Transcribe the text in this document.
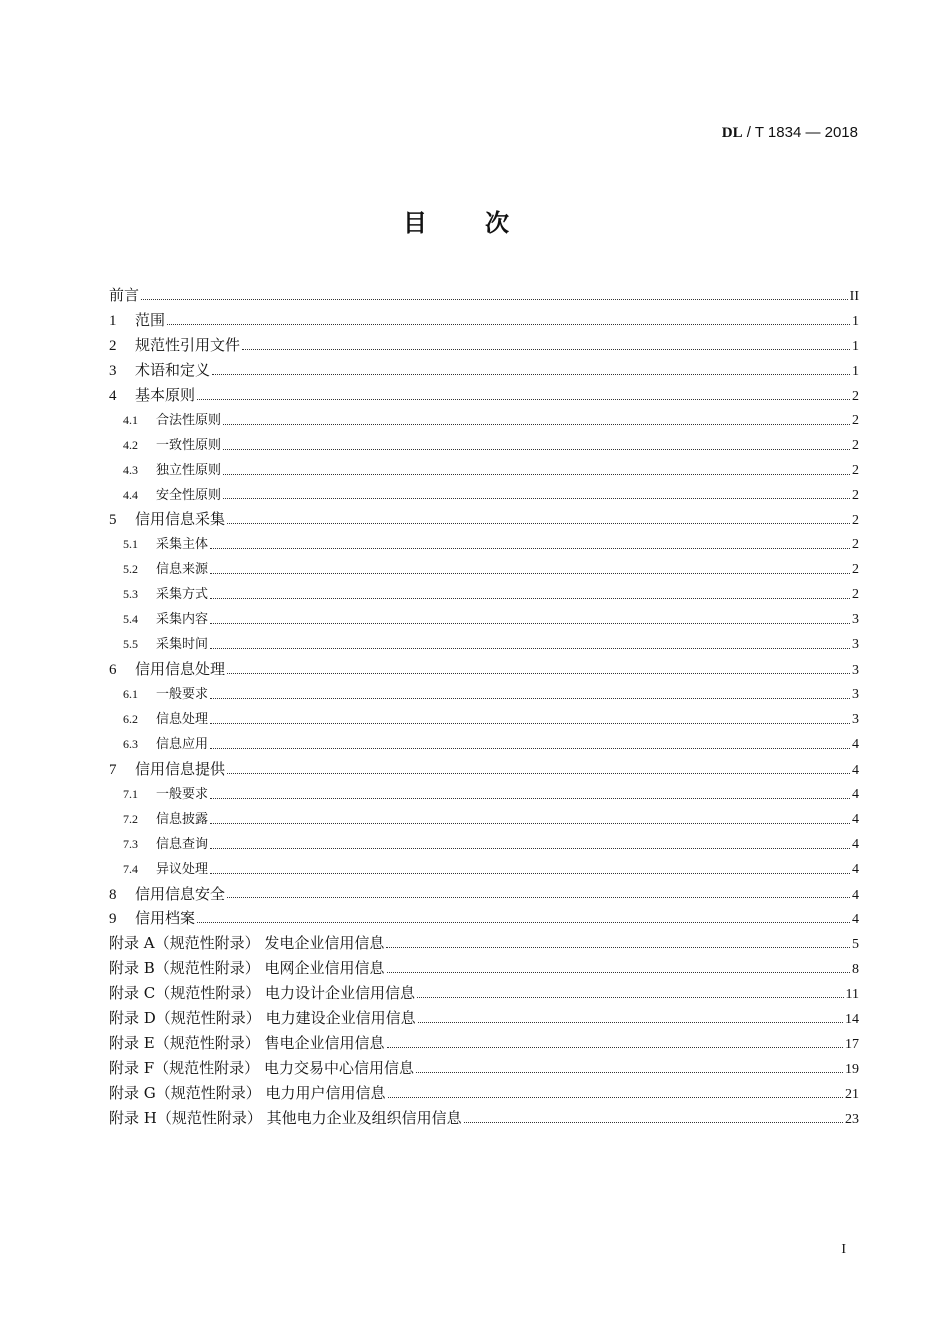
DL / T 1834 — 2018
目次
前言	II
1	范围	1
2	规范性引用文件	1
3	术语和定义	1
4	基本原则	2
4.1	合法性原则	2
4.2	一致性原则	2
4.3	独立性原则	2
4.4	安全性原则	2
5	信用信息采集	2
5.1	采集主体	2
5.2	信息来源	2
5.3	采集方式	2
5.4	采集内容	3
5.5	采集时间	3
6	信用信息处理	3
6.1	一般要求	3
6.2	信息处理	3
6.3	信息应用	4
7	信用信息提供	4
7.1	一般要求	4
7.2	信息披露	4
7.3	信息查询	4
7.4	异议处理	4
8	信用信息安全	4
9	信用档案	4
附录 A（规范性附录） 发电企业信用信息	5
附录 B（规范性附录） 电网企业信用信息	8
附录 C（规范性附录） 电力设计企业信用信息	11
附录 D（规范性附录） 电力建设企业信用信息	14
附录 E（规范性附录） 售电企业信用信息	17
附录 F（规范性附录） 电力交易中心信用信息	19
附录 G（规范性附录） 电力用户信用信息	21
附录 H（规范性附录） 其他电力企业及组织信用信息	23
I
